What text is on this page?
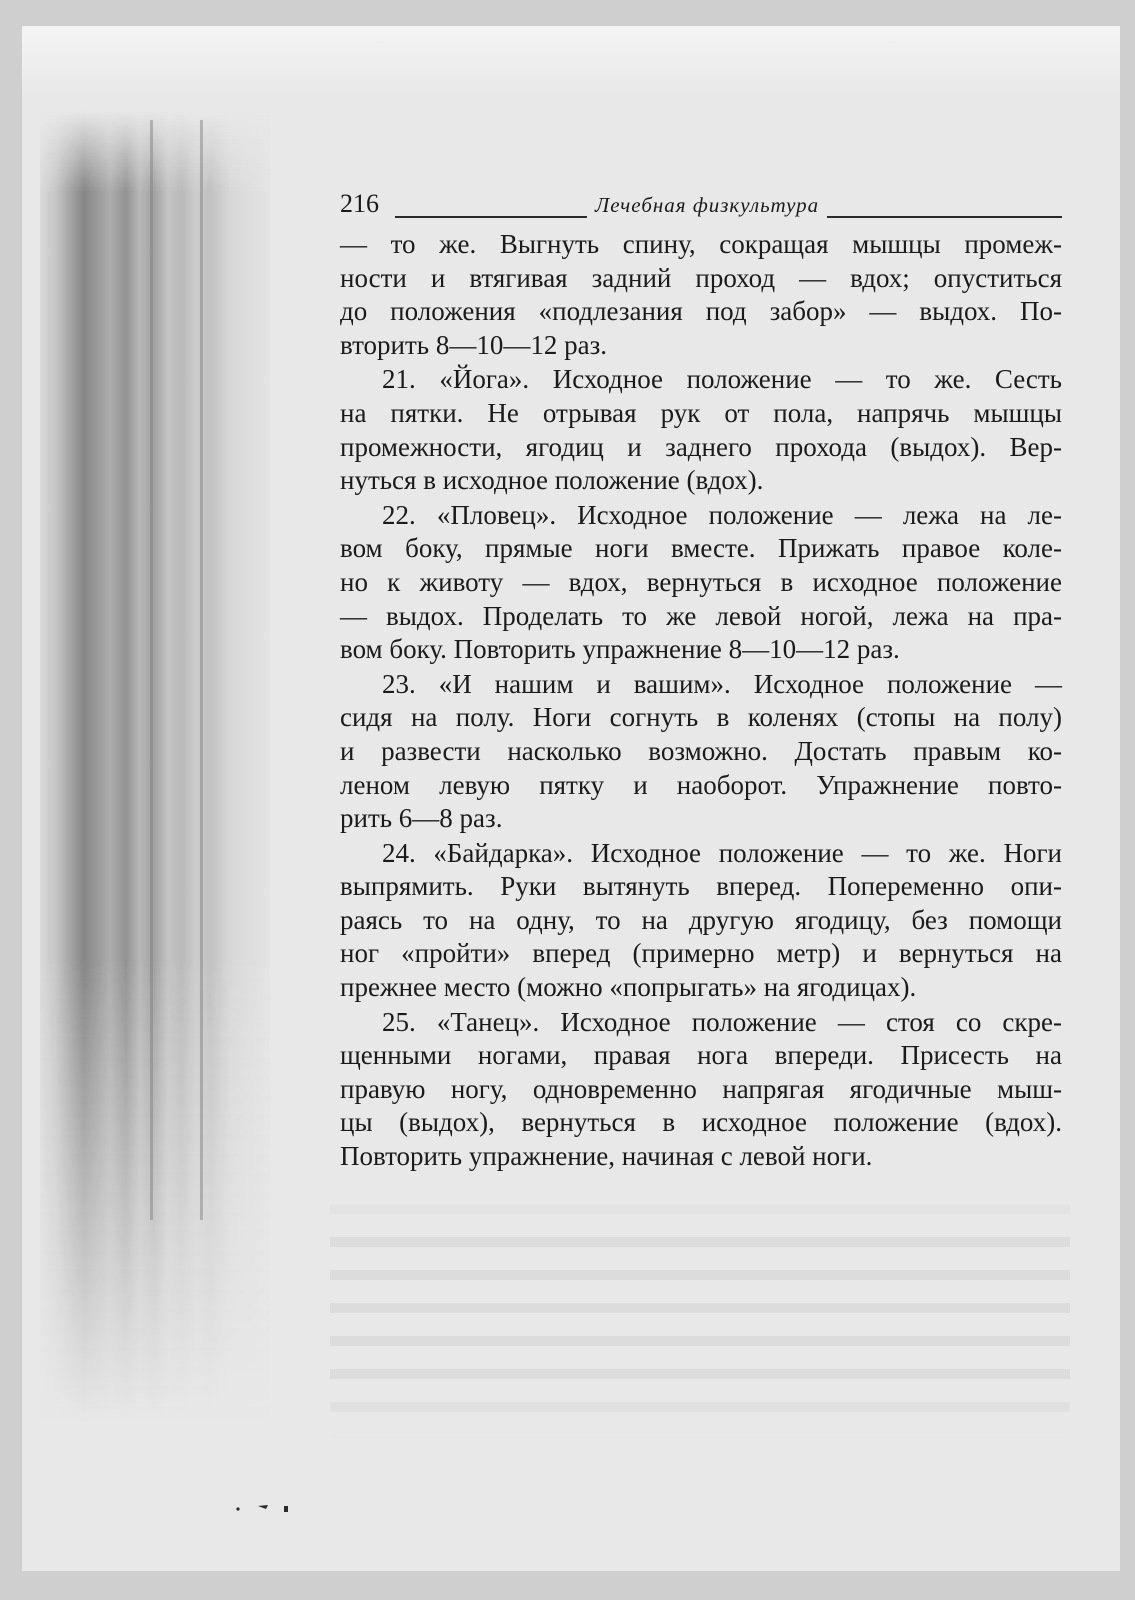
216	Лечебная физкультура
— то же. Выгнуть спину, сокращая мышцы промеж-
ности и втягивая задний проход — вдох; опуститься
до положения «подлезания под забор» — выдох. По-
вторить 8—10—12 раз.
21. «Йога». Исходное положение — то же. Сесть
на пятки. Не отрывая рук от пола, напрячь мышцы
промежности, ягодиц и заднего прохода (выдох). Вер-
нуться в исходное положение (вдох).
22. «Пловец». Исходное положение — лежа на ле-
вом боку, прямые ноги вместе. Прижать правое коле-
но к животу — вдох, вернуться в исходное положение
— выдох. Проделать то же левой ногой, лежа на пра-
вом боку. Повторить упражнение 8—10—12 раз.
23. «И нашим и вашим». Исходное положение —
сидя на полу. Ноги согнуть в коленях (стопы на полу)
и развести насколько возможно. Достать правым ко-
леном левую пятку и наоборот. Упражнение повто-
рить 6—8 раз.
24. «Байдарка». Исходное положение — то же. Ноги
выпрямить. Руки вытянуть вперед. Попеременно опи-
раясь то на одну, то на другую ягодицу, без помощи
ног «пройти» вперед (примерно метр) и вернуться на
прежнее место (можно «попрыгать» на ягодицах).
25. «Танец». Исходное положение — стоя со скре-
щенными ногами, правая нога впереди. Присесть на
правую ногу, одновременно напрягая ягодичные мыш-
цы (выдох), вернуться в исходное положение (вдох).
Повторить упражнение, начиная с левой ноги.
